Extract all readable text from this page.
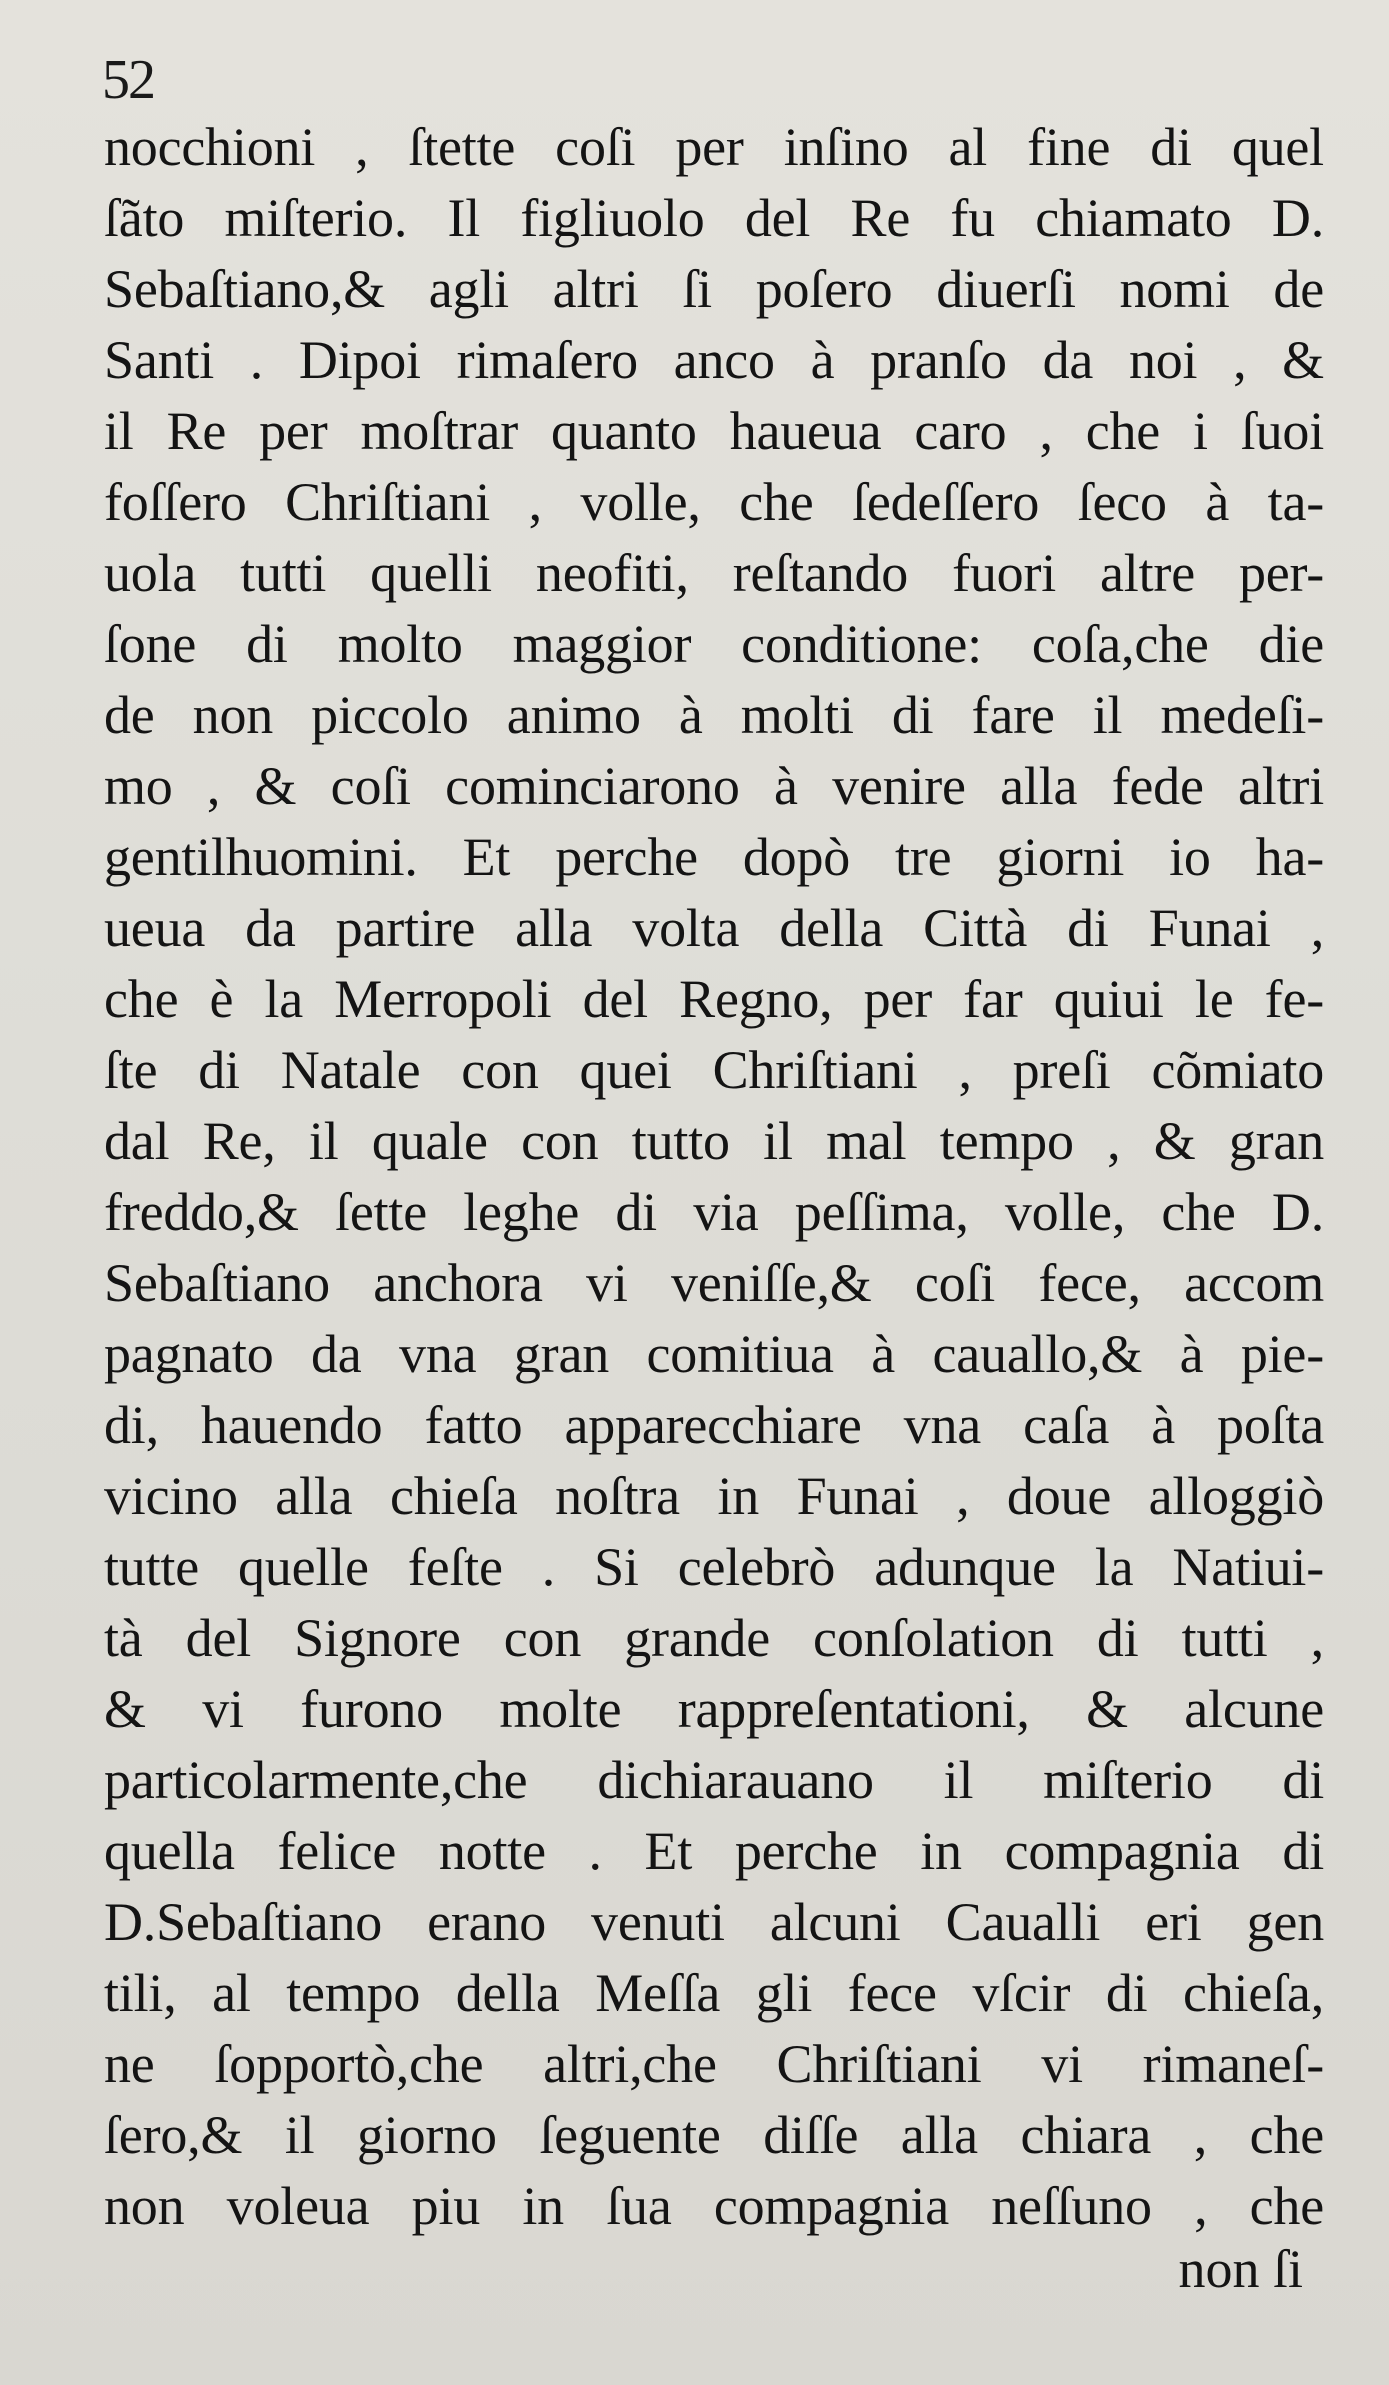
52
nocchioni , ſtette coſi per inſino al fine di quel
ſãto miſterio. Il figliuolo del Re fu chiamato D.
Sebaſtiano,& agli altri ſi poſero diuerſi nomi de
Santi . Dipoi rimaſero anco à pranſo da noi , &
il Re per moſtrar quanto haueua caro , che i ſuoi
foſſero Chriſtiani , volle, che ſedeſſero ſeco à ta-
uola tutti quelli neofiti, reſtando fuori altre per-
ſone di molto maggior conditione: coſa,che die
de non piccolo animo à molti di fare il medeſi-
mo , & coſi cominciarono à venire alla fede altri
gentilhuomini. Et perche dopò tre giorni io ha-
ueua da partire alla volta della Città di Funai ,
che è la Merropoli del Regno, per far quiui le fe-
ſte di Natale con quei Chriſtiani , preſi cõmiato
dal Re, il quale con tutto il mal tempo , & gran
freddo,& ſette leghe di via peſſima, volle, che D.
Sebaſtiano anchora vi veniſſe,& coſi fece, accom
pagnato da vna gran comitiua à cauallo,& à pie-
di, hauendo fatto apparecchiare vna caſa à poſta
vicino alla chieſa noſtra in Funai , doue alloggiò
tutte quelle feſte . Si celebrò adunque la Natiui-
tà del Signore con grande conſolation di tutti ,
& vi furono molte rappreſentationi, & alcune
particolarmente,che dichiarauano il miſterio di
quella felice notte . Et perche in compagnia di
D.Sebaſtiano erano venuti alcuni Caualli eri gen
tili, al tempo della Meſſa gli fece vſcir di chieſa,
ne ſopportò,che altri,che Chriſtiani vi rimaneſ-
ſero,& il giorno ſeguente diſſe alla chiara , che
non voleua piu in ſua compagnia neſſuno , che
non ſi
